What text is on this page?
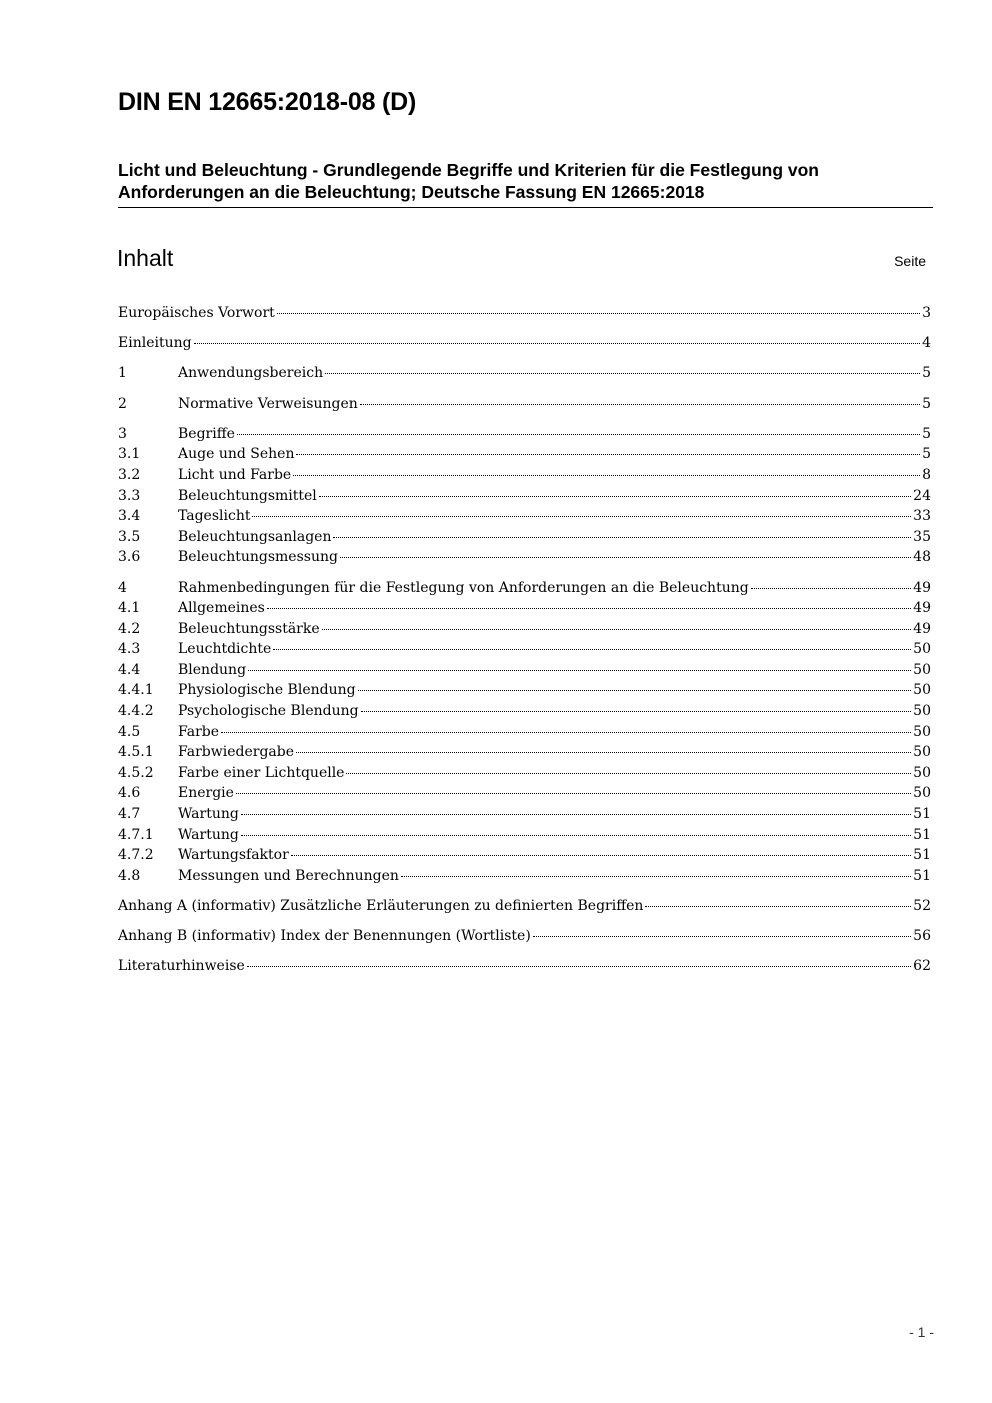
DIN EN 12665:2018-08 (D)
Licht und Beleuchtung - Grundlegende Begriffe und Kriterien für die Festlegung von
Anforderungen an die Beleuchtung; Deutsche Fassung EN 12665:2018
Inhalt	Seite
Europäisches Vorwort	3
Einleitung	4
1	Anwendungsbereich	5
2	Normative Verweisungen	5
3	Begriffe	5
3.1	Auge und Sehen	5
3.2	Licht und Farbe	8
3.3	Beleuchtungsmittel	24
3.4	Tageslicht	33
3.5	Beleuchtungsanlagen	35
3.6	Beleuchtungsmessung	48
4	Rahmenbedingungen für die Festlegung von Anforderungen an die Beleuchtung	49
4.1	Allgemeines	49
4.2	Beleuchtungsstärke	49
4.3	Leuchtdichte	50
4.4	Blendung	50
4.4.1	Physiologische Blendung	50
4.4.2	Psychologische Blendung	50
4.5	Farbe	50
4.5.1	Farbwiedergabe	50
4.5.2	Farbe einer Lichtquelle	50
4.6	Energie	50
4.7	Wartung	51
4.7.1	Wartung	51
4.7.2	Wartungsfaktor	51
4.8	Messungen und Berechnungen	51
Anhang A (informativ) Zusätzliche Erläuterungen zu definierten Begriffen	52
Anhang B (informativ) Index der Benennungen (Wortliste)	56
Literaturhinweise	62
- 1 -
